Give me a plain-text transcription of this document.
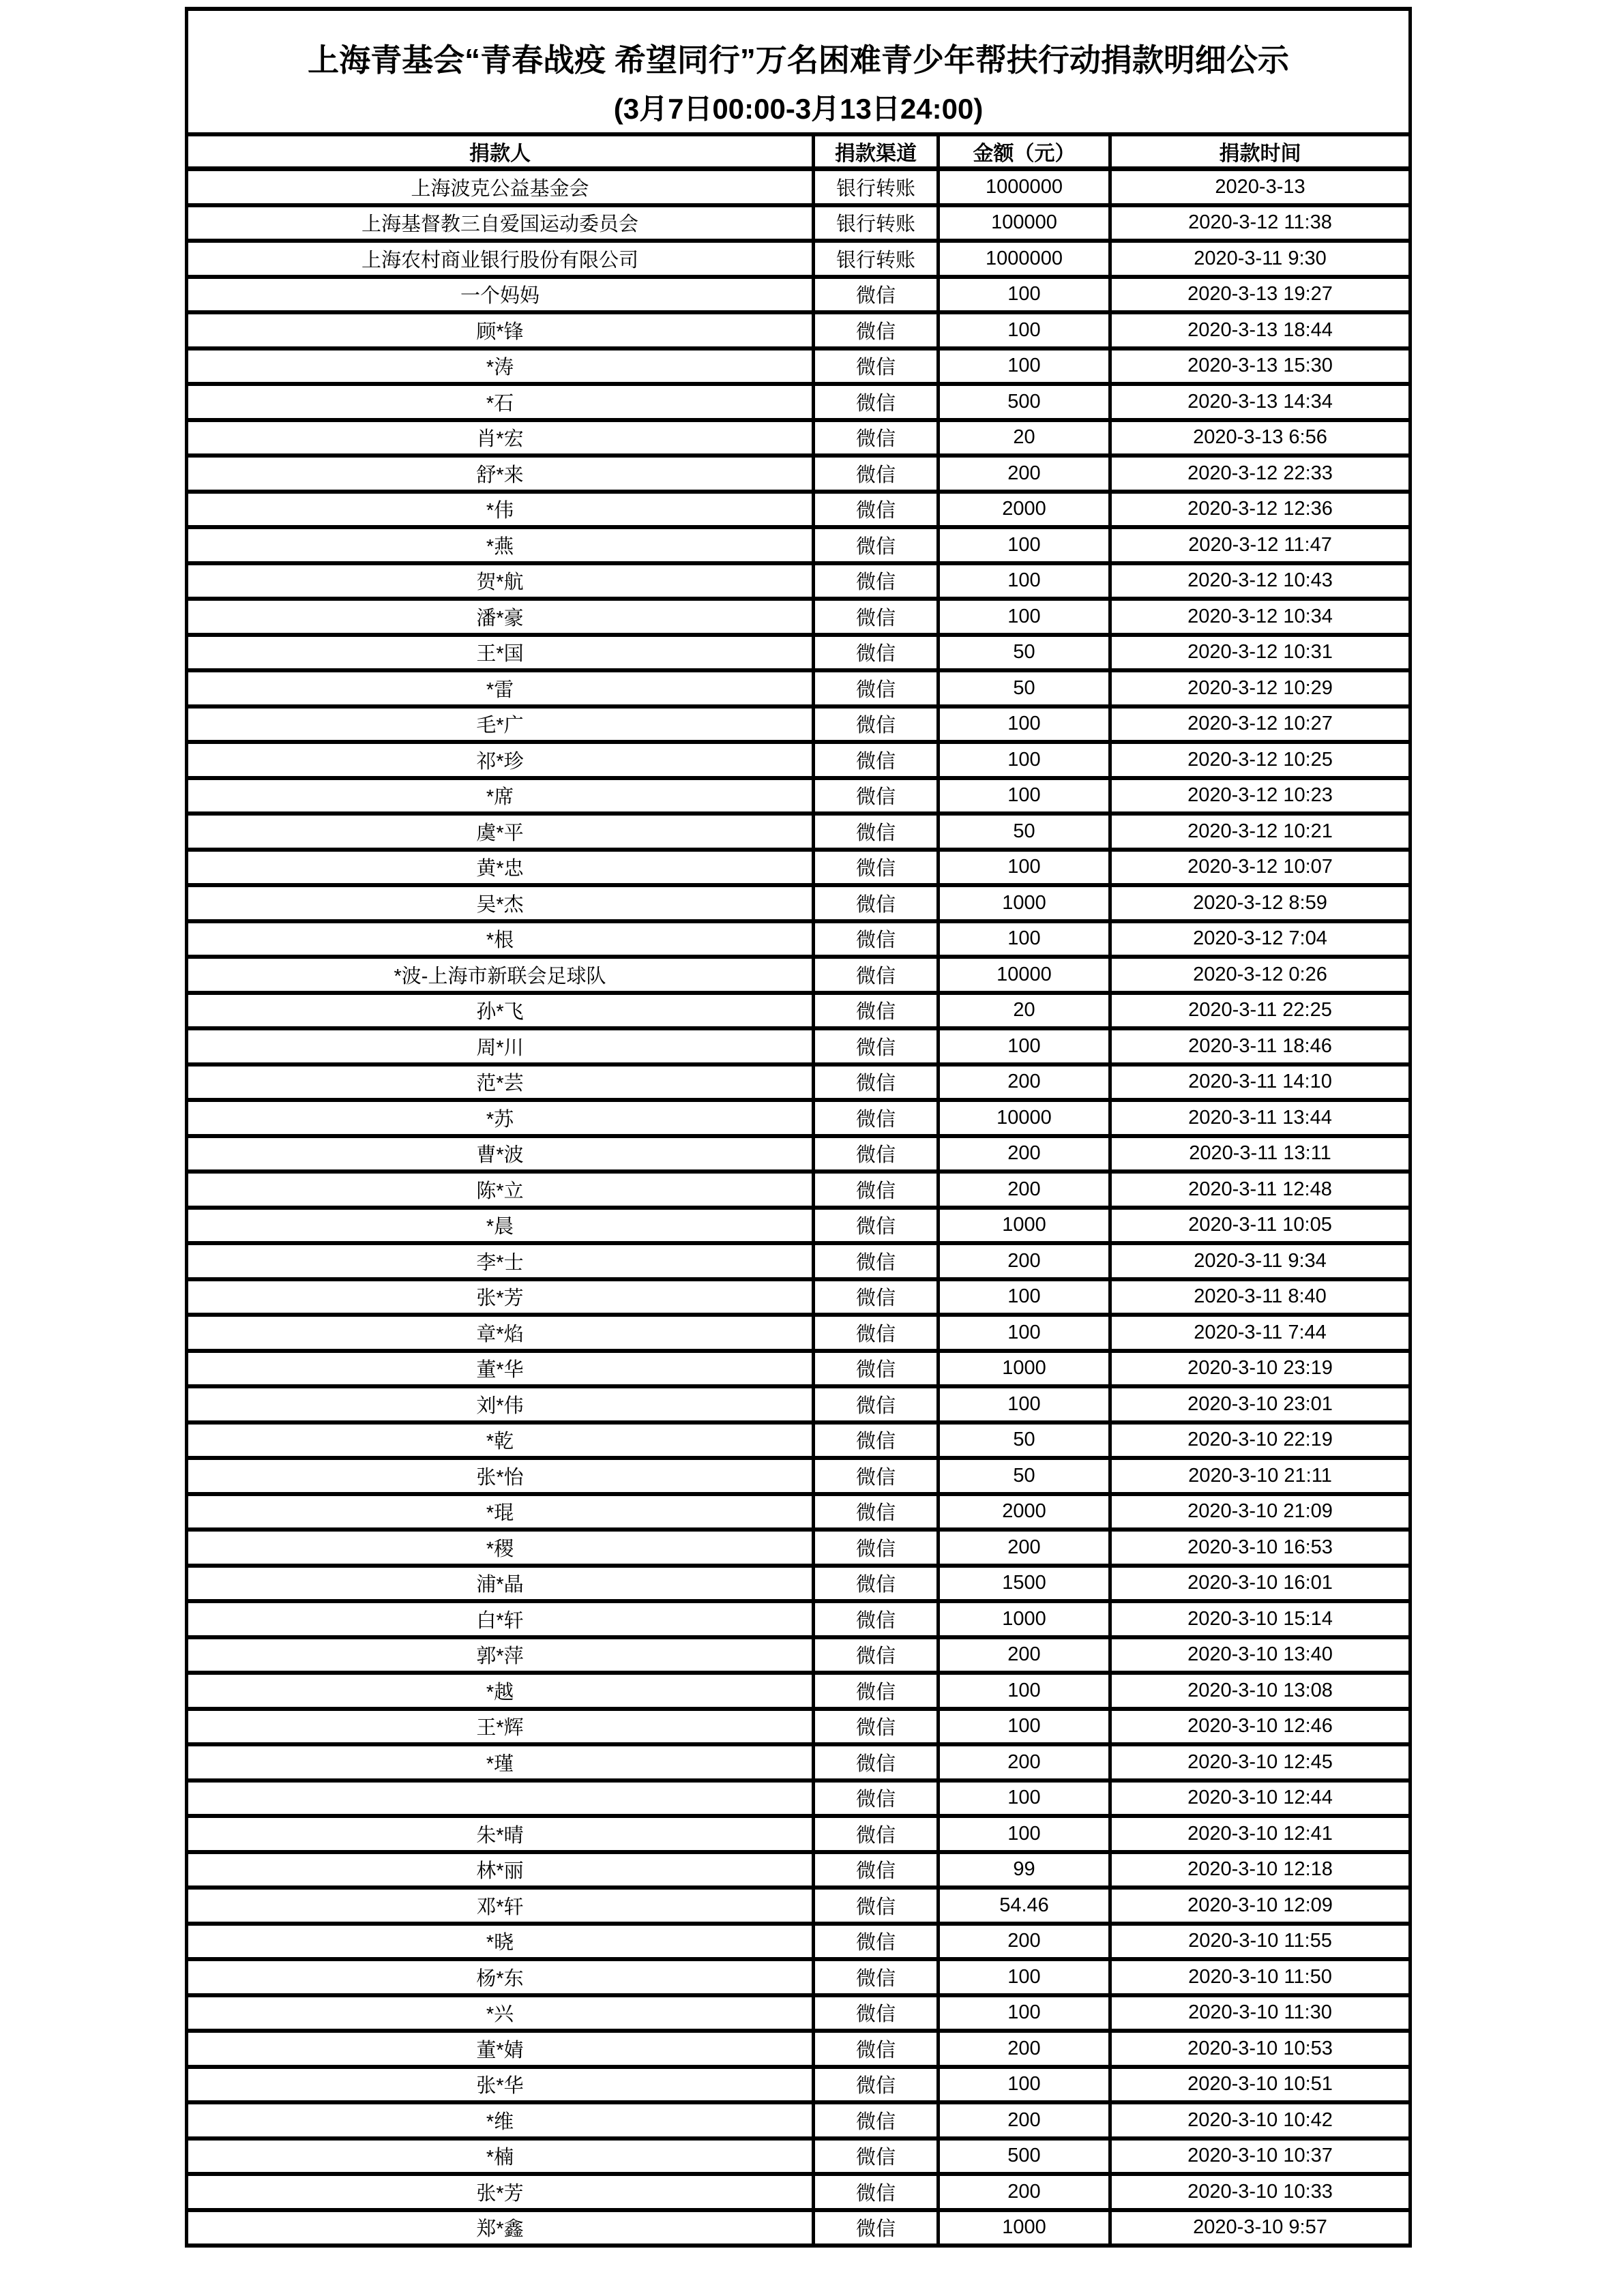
上海青基会“青春战疫 希望同行”万名困难青少年帮扶行动捐款明细公示
(3月7日00:00-3月13日24:00)			

捐款人	捐款渠道	金额（元）	捐款时间
上海波克公益基金会	银行转账	1000000	2020-3-13
上海基督教三自爱国运动委员会	银行转账	100000	2020-3-12 11:38
上海农村商业银行股份有限公司	银行转账	1000000	2020-3-11 9:30
一个妈妈	微信	100	2020-3-13 19:27
顾*锋	微信	100	2020-3-13 18:44
*涛	微信	100	2020-3-13 15:30
*石	微信	500	2020-3-13 14:34
肖*宏	微信	20	2020-3-13 6:56
舒*来	微信	200	2020-3-12 22:33
*伟	微信	2000	2020-3-12 12:36
*燕	微信	100	2020-3-12 11:47
贺*航	微信	100	2020-3-12 10:43
潘*豪	微信	100	2020-3-12 10:34
王*国	微信	50	2020-3-12 10:31
*雷	微信	50	2020-3-12 10:29
毛*广	微信	100	2020-3-12 10:27
祁*珍	微信	100	2020-3-12 10:25
*席	微信	100	2020-3-12 10:23
虞*平	微信	50	2020-3-12 10:21
黄*忠	微信	100	2020-3-12 10:07
吴*杰	微信	1000	2020-3-12 8:59
*根	微信	100	2020-3-12 7:04
*波-上海市新联会足球队	微信	10000	2020-3-12 0:26
孙*飞	微信	20	2020-3-11 22:25
周*川	微信	100	2020-3-11 18:46
范*芸	微信	200	2020-3-11 14:10
*苏	微信	10000	2020-3-11 13:44
曹*波	微信	200	2020-3-11 13:11
陈*立	微信	200	2020-3-11 12:48
*晨	微信	1000	2020-3-11 10:05
李*士	微信	200	2020-3-11 9:34
张*芳	微信	100	2020-3-11 8:40
章*焰	微信	100	2020-3-11 7:44
董*华	微信	1000	2020-3-10 23:19
刘*伟	微信	100	2020-3-10 23:01
*乾	微信	50	2020-3-10 22:19
张*怡	微信	50	2020-3-10 21:11
*琨	微信	2000	2020-3-10 21:09
*稷	微信	200	2020-3-10 16:53
浦*晶	微信	1500	2020-3-10 16:01
白*轩	微信	1000	2020-3-10 15:14
郭*萍	微信	200	2020-3-10 13:40
*越	微信	100	2020-3-10 13:08
王*辉	微信	100	2020-3-10 12:46
*瑾	微信	200	2020-3-10 12:45
	微信	100	2020-3-10 12:44
朱*晴	微信	100	2020-3-10 12:41
林*丽	微信	99	2020-3-10 12:18
邓*轩	微信	54.46	2020-3-10 12:09
*晓	微信	200	2020-3-10 11:55
杨*东	微信	100	2020-3-10 11:50
*兴	微信	100	2020-3-10 11:30
董*婧	微信	200	2020-3-10 10:53
张*华	微信	100	2020-3-10 10:51
*维	微信	200	2020-3-10 10:42
*楠	微信	500	2020-3-10 10:37
张*芳	微信	200	2020-3-10 10:33
郑*鑫	微信	1000	2020-3-10 9:57
